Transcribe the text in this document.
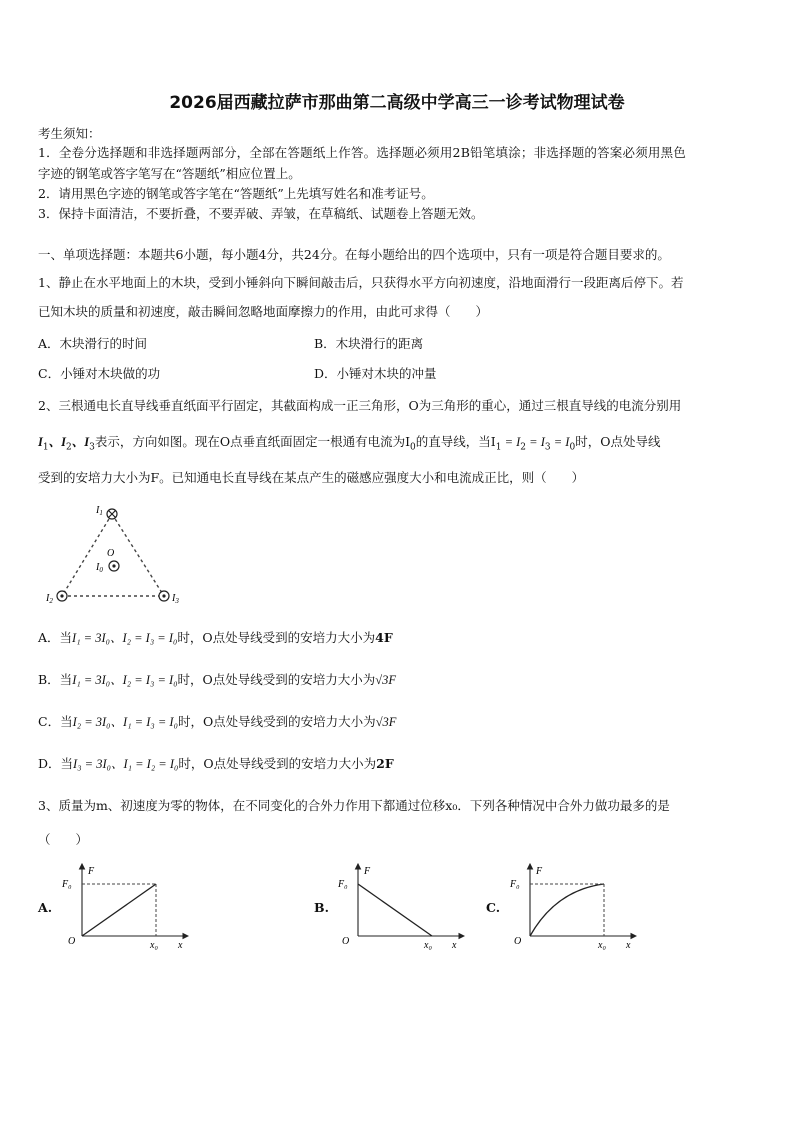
2026届西藏拉萨市那曲第二高级中学高三一诊考试物理试卷
考生须知：
1．全卷分选择题和非选择题两部分，全部在答题纸上作答。选择题必须用2B铅笔填涂；非选择题的答案必须用黑色
字迹的钢笔或答字笔写在“答题纸”相应位置上。
2．请用黑色字迹的钢笔或答字笔在“答题纸”上先填写姓名和准考证号。
3．保持卡面清洁，不要折叠，不要弄破、弄皱，在草稿纸、试题卷上答题无效。
一、单项选择题：本题共6小题，每小题4分，共24分。在每小题给出的四个选项中，只有一项是符合题目要求的。
1、静止在水平地面上的木块，受到小锤斜向下瞬间敲击后，只获得水平方向初速度，沿地面滑行一段距离后停下。若
已知木块的质量和初速度，敲击瞬间忽略地面摩擦力的作用，由此可求得（　　）
A．木块滑行的时间	B．木块滑行的距离
C．小锤对木块做的功	D．小锤对木块的冲量
2、三根通电长直导线垂直纸面平行固定，其截面构成一正三角形，O为三角形的重心，通过三根直导线的电流分别用
$I_1$、$I_2$、$I_3$表示，方向如图。现在O点垂直纸面固定一根通有电流为$I_0$的直导线，当$I_1 = I_2 = I_3 = I_0$时，O点处导线
受到的安培力大小为F。已知通电长直导线在某点产生的磁感应强度大小和电流成正比，则（　　）
$I_1$
O
$I_0$
$I_2$	$I_3$
A．当I₁ = 3I₀、I₂ = I₃ = I₀时，O点处导线受到的安培力大小为4F
B．当I₁ = 3I₀、I₂ = I₃ = I₀时，O点处导线受到的安培力大小为√3F
C．当I₂ = 3I₀、I₁ = I₃ = I₀时，O点处导线受到的安培力大小为√3F
D．当I₃ = 3I₀、I₁ = I₂ = I₀时，O点处导线受到的安培力大小为2F
3、质量为m、初速度为零的物体，在不同变化的合外力作用下都通过位移x₀．下列各种情况中合外力做功最多的是
（　　）
A.
F₀
F
O	x₀ x
B.
F₀
F
O	x₀ x
C.
F₀
F
O	x₀ x
